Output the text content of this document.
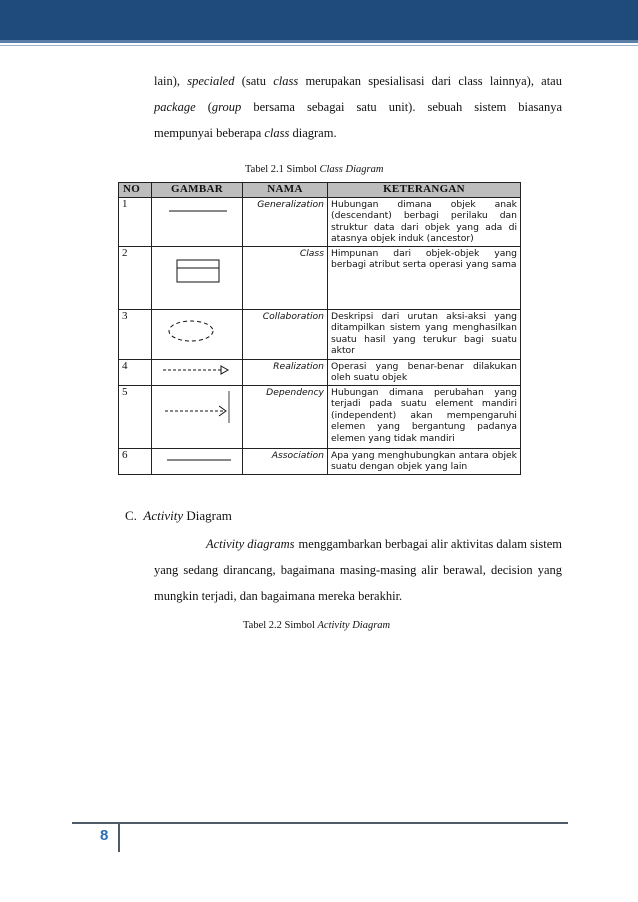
lain), specialed (satu class merupakan spesialisasi dari class lainnya), atau
package (group bersama sebagai satu unit). sebuah sistem biasanya
mempunyai beberapa class diagram.
Tabel 2.1 Simbol Class Diagram
NO	GAMBAR	NAMA	KETERANGAN
1		Generalization	Hubungan dimana objek anak
(descendant) berbagi perilaku dan
struktur data dari objek yang ada di
atasnya objek induk (ancestor)

2		Class	Himpunan dari objek-objek yang
berbagi atribut serta operasi yang sama

3		Collaboration	Deskripsi dari urutan aksi-aksi yang
ditampilkan sistem yang menghasilkan
suatu hasil yang terukur bagi suatu
aktor

4		Realization	Operasi yang benar-benar dilakukan
oleh suatu objek

5		Dependency	Hubungan dimana perubahan yang
terjadi pada suatu element mandiri
(independent) akan mempengaruhi
elemen yang bergantung padanya
elemen yang tidak mandiri

6		Association	Apa yang menghubungkan antara objek
suatu dengan objek yang lain
C. Activity Diagram
Activity diagrams menggambarkan berbagai alir aktivitas dalam sistem
yang sedang dirancang, bagaimana masing-masing alir berawal, decision yang
mungkin terjadi, dan bagaimana mereka berakhir.
Tabel 2.2 Simbol Activity Diagram
8
